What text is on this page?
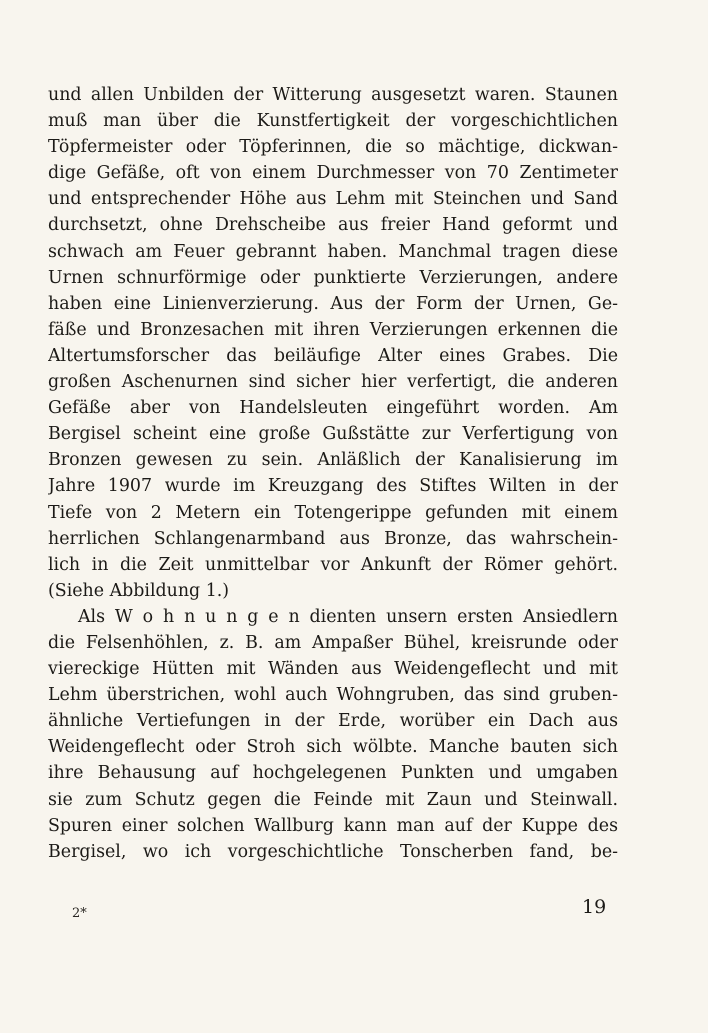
und allen Unbilden der Witterung ausgesetzt waren. Staunen
muß man über die Kunstfertigkeit der vorgeschichtlichen
Töpfermeister oder Töpferinnen, die so mächtige, dickwan-
dige Gefäße, oft von einem Durchmesser von 70 Zentimeter
und entsprechender Höhe aus Lehm mit Steinchen und Sand
durchsetzt, ohne Drehscheibe aus freier Hand geformt und
schwach am Feuer gebrannt haben. Manchmal tragen diese
Urnen schnurförmige oder punktierte Verzierungen, andere
haben eine Linienverzierung. Aus der Form der Urnen, Ge-
fäße und Bronzesachen mit ihren Verzierungen erkennen die
Altertumsforscher das beiläufige Alter eines Grabes. Die
großen Aschenurnen sind sicher hier verfertigt, die anderen
Gefäße aber von Handelsleuten eingeführt worden. Am
Bergisel scheint eine große Gußstätte zur Verfertigung von
Bronzen gewesen zu sein. Anläßlich der Kanalisierung im
Jahre 1907 wurde im Kreuzgang des Stiftes Wilten in der
Tiefe von 2 Metern ein Totengerippe gefunden mit einem
herrlichen Schlangenarmband aus Bronze, das wahrschein-
lich in die Zeit unmittelbar vor Ankunft der Römer gehört.
(Siehe Abbildung 1.)
Als W o h n u n g e n dienten unsern ersten Ansiedlern
die Felsenhöhlen, z. B. am Ampaßer Bühel, kreisrunde oder
viereckige Hütten mit Wänden aus Weidengeflecht und mit
Lehm überstrichen, wohl auch Wohngruben, das sind gruben-
ähnliche Vertiefungen in der Erde, worüber ein Dach aus
Weidengeflecht oder Stroh sich wölbte. Manche bauten sich
ihre Behausung auf hochgelegenen Punkten und umgaben
sie zum Schutz gegen die Feinde mit Zaun und Steinwall.
Spuren einer solchen Wallburg kann man auf der Kuppe des
Bergisel, wo ich vorgeschichtliche Tonscherben fand, be-
2*	19
